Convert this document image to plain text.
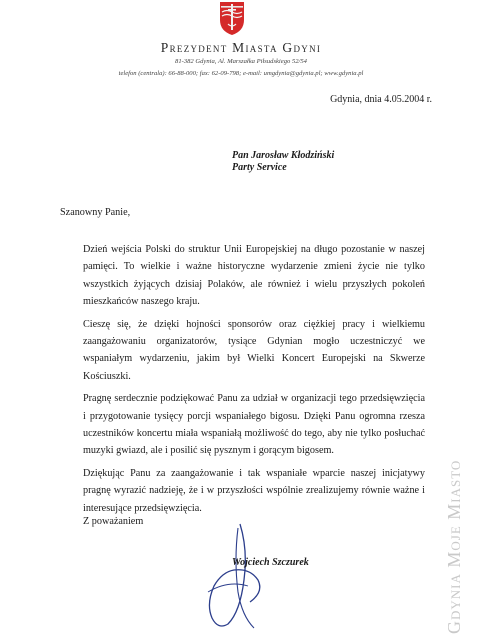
Prezydent Miasta Gdyni
81-382 Gdynia, Al. Marszałka Piłsudskiego 52/54
telefon (centrala): 66-88-000; fax: 62-09-798; e-mail: umgdynia@gdynia.pl; www.gdynia.pl
Gdynia, dnia 4.05.2004 r.
Pan Jarosław Kłodziński
Party Service
Szanowny Panie,

Dzień wejścia Polski do struktur Unii Europejskiej na długo pozostanie w naszej pamięci. To wielkie i ważne historyczne wydarzenie zmieni życie nie tylko wszystkich żyjących dzisiaj Polaków, ale również i wielu przyszłych pokoleń mieszkańców naszego kraju.

Cieszę się, że dzięki hojności sponsorów oraz ciężkiej pracy i wielkiemu zaangażowaniu organizatorów, tysiące Gdynian mogło uczestniczyć we wspaniałym wydarzeniu, jakim był Wielki Koncert Europejski na Skwerze Kościuszki.

Pragnę serdecznie podziękować Panu za udział w organizacji tego przedsięwzięcia i przygotowanie tysięcy porcji wspaniałego bigosu. Dzięki Panu ogromna rzesza uczestników koncertu miała wspaniałą możliwość do tego, aby nie tylko posłuchać muzyki gwiazd, ale i posilić się pysznym i gorącym bigosem.

Dziękując Panu za zaangażowanie i tak wspaniałe wparcie naszej inicjatywy pragnę wyrazić nadzieję, że i w przyszłości wspólnie zrealizujemy równie ważne i interesujące przedsięwzięcia.

Z poważaniem
Wojciech Szczurek	Gdynia Moje Miasto
